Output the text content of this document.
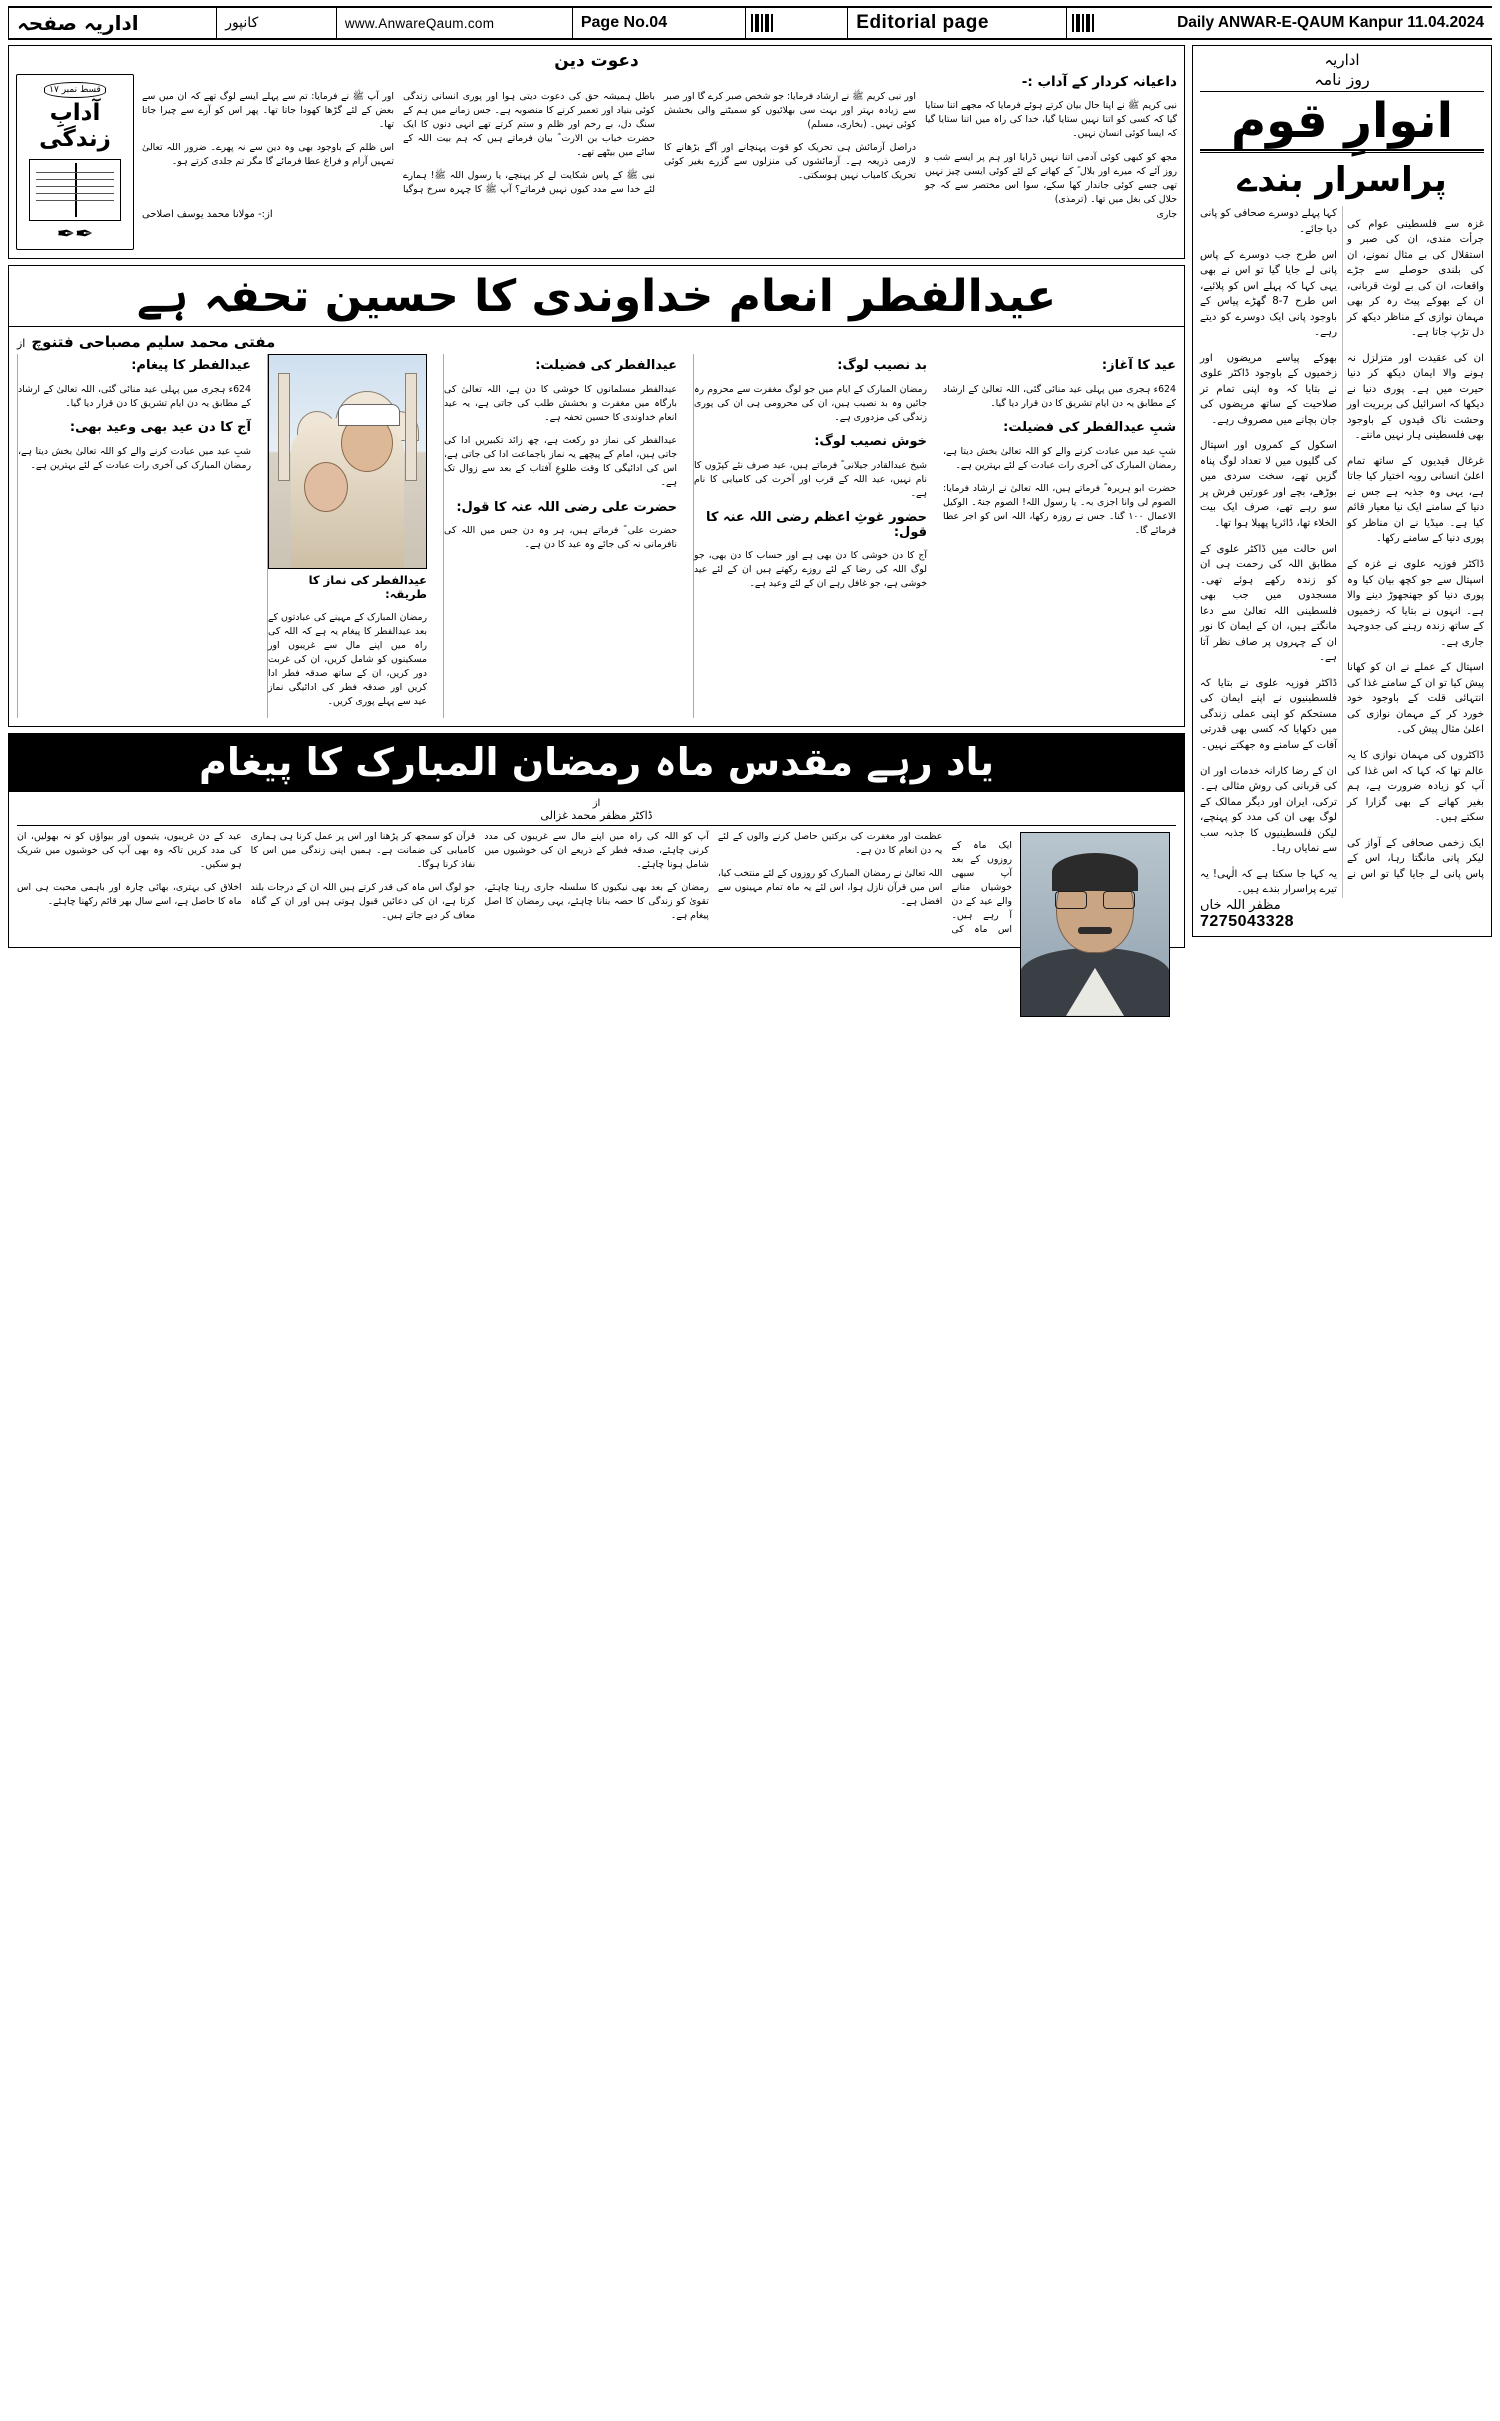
Daily ANWAR-E-QAUM Kanpur 11.04.2024
Editorial page
Page No.04
www.AnwareQaum.com
کانپور
اداریہ صفحہ
اداریہ
روز نامہ
انوارِ قوم
پراسرار بندے

غزہ سے فلسطینی عوام کی جرأت مندی، ان کی صبر و استقلال کی بے مثال نمونے، ان کی بلندی حوصلے سے جڑے واقعات، ان کی بے لوث قربانی، ان کے بھوکے پیٹ رہ کر بھی مہمان نوازی کے مناظر دیکھ کر دل تڑپ جاتا ہے۔

ان کی عقیدت اور متزلزل نہ ہونے والا ایمان دیکھ کر دنیا حیرت میں ہے۔ پوری دنیا نے دیکھا کہ اسرائیل کی بربریت اور وحشت ناک قیدوں کے باوجود بھی فلسطینی ہار نہیں مانتے۔

غرغال قیدیوں کے ساتھ تمام اعلیٰ انسانی رویہ اختیار کیا جاتا ہے، یہی وہ جذبہ ہے جس نے دنیا کے سامنے ایک نیا معیار قائم کیا ہے۔ میڈیا نے ان مناظر کو پوری دنیا کے سامنے رکھا۔

ڈاکٹر فوزیہ علوی نے غزہ کے اسپتال سے جو کچھ بیان کیا وہ پوری دنیا کو جھنجھوڑ دینے والا ہے۔ انہوں نے بتایا کہ زخمیوں کے ساتھ زندہ رہنے کی جدوجہد جاری ہے۔

اسپتال کے عملے نے ان کو کھانا پیش کیا تو ان کے سامنے غذا کی انتہائی قلت کے باوجود خود خورد کر کے مہمان نوازی کی اعلیٰ مثال پیش کی۔

ڈاکٹروں کی مہمان نوازی کا یہ عالم تھا کہ کہا کہ اس غذا کی آپ کو زیادہ ضرورت ہے، ہم بغیر کھانے کے بھی گزارا کر سکتے ہیں۔

ایک زخمی صحافی کے آواز کی لیکر پانی مانگتا رہا، اس کے پاس پانی لے جایا گیا تو اس نے کہا پہلے دوسرے صحافی کو پانی دیا جائے۔

اس طرح جب دوسرے کے پاس پانی لے جایا گیا تو اس نے بھی یہی کہا کہ پہلے اس کو پلائیے، اس طرح 7-8 گھڑے پیاس کے باوجود پانی ایک دوسرے کو دیتے رہے۔

بھوکے پیاسے مریضوں اور زخمیوں کے باوجود ڈاکٹر علوی نے بتایا کہ وہ اپنی تمام تر صلاحیت کے ساتھ مریضوں کی جان بچانے میں مصروف رہے۔

اسکول کے کمروں اور اسپتال کی گلیوں میں لا تعداد لوگ پناہ گزیں تھے، سخت سردی میں بوڑھے، بچے اور عورتیں فرش پر سو رہے تھے، صرف ایک بیت الخلاء تھا، ڈائریا پھیلا ہوا تھا۔

اس حالت میں ڈاکٹر علوی کے مطابق اللہ کی رحمت ہی ان کو زندہ رکھے ہوئے تھی۔ مسجدوں میں جب بھی فلسطینی اللہ تعالیٰ سے دعا مانگتے ہیں، ان کے ایمان کا نور ان کے چہروں پر صاف نظر آتا ہے۔

ڈاکٹر فوزیہ علوی نے بتایا کہ فلسطینیوں نے اپنے ایمان کی مستحکم کو اپنی عملی زندگی میں دکھایا کہ کسی بھی قدرتی آفات کے سامنے وہ جھکتے نہیں۔

ان کے رضا کارانہ خدمات اور ان کی قربانی کی روش مثالی ہے۔ ترکی، ایران اور دیگر ممالک کے لوگ بھی ان کی مدد کو پہنچے، لیکن فلسطینیوں کا جذبہ سب سے نمایاں رہا۔

یہ کہا جا سکتا ہے کہ الٰہی! یہ تیرے پراسرار بندے ہیں۔

مظفر اللہ خاں
7275043328
دعوت دین
داعیانہ کردار کے آداب :-

نبی کریم ﷺ نے اپنا حال بیان کرتے ہوئے فرمایا کہ مجھے اتنا ستایا گیا کہ کسی کو اتنا نہیں ستایا گیا، خدا کی راہ میں اتنا ستایا گیا کہ ایسا کوئی انسان نہیں۔

مجھ کو کبھی کوئی آدمی اتنا نہیں ڈرایا اور ہم پر ایسے شب و روز آئے کہ میرے اور بلال ؓ کے کھانے کے لئے کوئی ایسی چیز نہیں تھی جسے کوئی جاندار کھا سکے، سوا اس مختصر سے کہ جو حلال کی بغل میں تھا۔ (ترمذی)

اور نبی کریم ﷺ نے ارشاد فرمایا: جو شخص صبر کرے گا اور صبر سے زیادہ بہتر اور بہت سی بھلائیوں کو سمیٹنے والی بخشش کوئی نہیں۔ (بخاری، مسلم)

دراصل آزمائش ہی تحریک کو قوت پہنچانے اور آگے بڑھانے کا لازمی ذریعہ ہے۔ آزمائشوں کی منزلوں سے گزرے بغیر کوئی تحریک کامیاب نہیں ہوسکتی۔

باطل ہمیشہ حق کی دعوت دیتی ہوا اور پوری انسانی زندگی کوئی بنیاد اور تعمیر کرنے کا منصوبہ ہے۔ جس زمانے میں ہم کے سنگ دل، بے رحم اور ظلم و ستم کرتے تھے انہی دنوں کا ایک حضرت خباب بن الارت ؓ بیان فرماتے ہیں کہ ہم بیت اللہ کے سائے میں بیٹھے تھے۔

نبی ﷺ کے پاس شکایت لے کر پہنچے، یا رسول اللہ ﷺ! ہمارے لئے خدا سے مدد کیوں نہیں فرماتے؟ آپ ﷺ کا چہرہ سرخ ہوگیا اور آپ ﷺ نے فرمایا: تم سے پہلے ایسے لوگ تھے کہ ان میں سے بعض کے لئے گڑھا کھودا جاتا تھا۔ پھر اس کو آرے سے چیرا جاتا تھا۔

اس ظلم کے باوجود بھی وہ دین سے نہ پھرے۔ ضرور اللہ تعالیٰ تمہیں آرام و فراغ عطا فرمائے گا مگر تم جلدی کرتے ہو۔

جاری
از:- مولانا محمد یوسف اصلاحی
قسط نمبر ۱۷
آدابِ زندگی
✒✒
عیدالفطر انعام خداوندی کا حسین تحفہ ہے
مفتی محمد سلیم مصباحی فتنوچ
از
عید کا آغاز:

624ء ہجری میں پہلی عید منائی گئی، اللہ تعالیٰ کے ارشاد کے مطابق یہ دن ایام تشریق کا دن قرار دیا گیا۔

شبِ عیدالفطر کی فضیلت:

شبِ عید میں عبادت کرنے والے کو اللہ تعالیٰ بخش دیتا ہے، رمضان المبارک کی آخری رات عبادت کے لئے بہترین ہے۔

حضرت ابو ہریرہ ؓ فرماتے ہیں، اللہ تعالیٰ نے ارشاد فرمایا: الصوم لی وانا اجزی بہ۔ یا رسول اللہ! الصوم جنۃ۔ الوکیل الاعمال ۱۰۰ گنا۔ جس نے روزہ رکھا، اللہ اس کو اجر عطا فرمائے گا۔

بد نصیب لوگ:

رمضان المبارک کے ایام میں جو لوگ مغفرت سے محروم رہ جائیں وہ بد نصیب ہیں، ان کی محرومی ہی ان کی پوری زندگی کی مزدوری ہے۔

خوش نصیب لوگ:

شیخ عبدالقادر جیلانی ؓ فرماتے ہیں، عید صرف نئے کپڑوں کا نام نہیں، عید اللہ کے قرب اور آخرت کی کامیابی کا نام ہے۔

حضور غوثِ اعظم رضی اللہ عنہ کا قول:

آج کا دن خوشی کا دن بھی ہے اور حساب کا دن بھی، جو لوگ اللہ کی رضا کے لئے روزے رکھتے ہیں ان کے لئے عید خوشی ہے، جو غافل رہے ان کے لئے وعید ہے۔

عیدالفطر کی فضیلت:

عیدالفطر مسلمانوں کا خوشی کا دن ہے، اللہ تعالیٰ کی بارگاہ میں مغفرت و بخشش طلب کی جاتی ہے، یہ عید انعام خداوندی کا حسین تحفہ ہے۔

عیدالفطر کی نماز دو رکعت ہے، چھ زائد تکبیریں ادا کی جاتی ہیں، امام کے پیچھے یہ نماز باجماعت ادا کی جاتی ہے، اس کی ادائیگی کا وقت طلوعِ آفتاب کے بعد سے زوال تک ہے۔

حضرت علی رضی اللہ عنہ کا قول:

حضرت علی ؓ فرماتے ہیں، ہر وہ دن جس میں اللہ کی نافرمانی نہ کی جائے وہ عید کا دن ہے۔

عیدالفطر کی نماز کا طریقہ:

رمضان المبارک کے مہینے کی عبادتوں کے بعد عیدالفطر کا پیغام یہ ہے کہ اللہ کی راہ میں اپنے مال سے غریبوں اور مسکینوں کو شامل کریں، ان کی غربت دور کریں، ان کے ساتھ صدقہ فطر ادا کریں اور صدقہ فطر کی ادائیگی نماز عید سے پہلے پوری کریں۔

عیدالفطر کا پیغام:

624ء ہجری میں پہلی عید منائی گئی، اللہ تعالیٰ کے ارشاد کے مطابق یہ دن ایام تشریق کا دن قرار دیا گیا۔

آج کا دن عید بھی وعید بھی:

شبِ عید میں عبادت کرنے والے کو اللہ تعالیٰ بخش دیتا ہے، رمضان المبارک کی آخری رات عبادت کے لئے بہترین ہے۔

یاد رہے مقدس ماہ رمضان المبارک کا پیغام
از
ڈاکٹر مظفر محمد غزالی

ایک ماہ کے روزوں کے بعد آپ سبھی خوشیاں منانے والے عید کے دن آ رہے ہیں۔ اس ماہ کی عظمت اور مغفرت کی برکتیں حاصل کرنے والوں کے لئے یہ دن انعام کا دن ہے۔

اللہ تعالیٰ نے رمضان المبارک کو روزوں کے لئے منتخب کیا، اس میں قرآن نازل ہوا، اس لئے یہ ماہ تمام مہینوں سے افضل ہے۔

آپ کو اللہ کی راہ میں اپنے مال سے غریبوں کی مدد کرنی چاہئے، صدقہ فطر کے ذریعے ان کی خوشیوں میں شامل ہونا چاہئے۔

رمضان کے بعد بھی نیکیوں کا سلسلہ جاری رہنا چاہئے، تقویٰ کو زندگی کا حصہ بنانا چاہئے، یہی رمضان کا اصل پیغام ہے۔

قرآن کو سمجھ کر پڑھنا اور اس پر عمل کرنا ہی ہماری کامیابی کی ضمانت ہے۔ ہمیں اپنی زندگی میں اس کا نفاذ کرنا ہوگا۔

جو لوگ اس ماہ کی قدر کرتے ہیں اللہ ان کے درجات بلند کرتا ہے، ان کی دعائیں قبول ہوتی ہیں اور ان کے گناہ معاف کر دیے جاتے ہیں۔

عید کے دن غریبوں، یتیموں اور بیواؤں کو نہ بھولیں، ان کی مدد کریں تاکہ وہ بھی آپ کی خوشیوں میں شریک ہو سکیں۔

اخلاق کی بہتری، بھائی چارہ اور باہمی محبت ہی اس ماہ کا حاصل ہے، اسے سال بھر قائم رکھنا چاہئے۔
